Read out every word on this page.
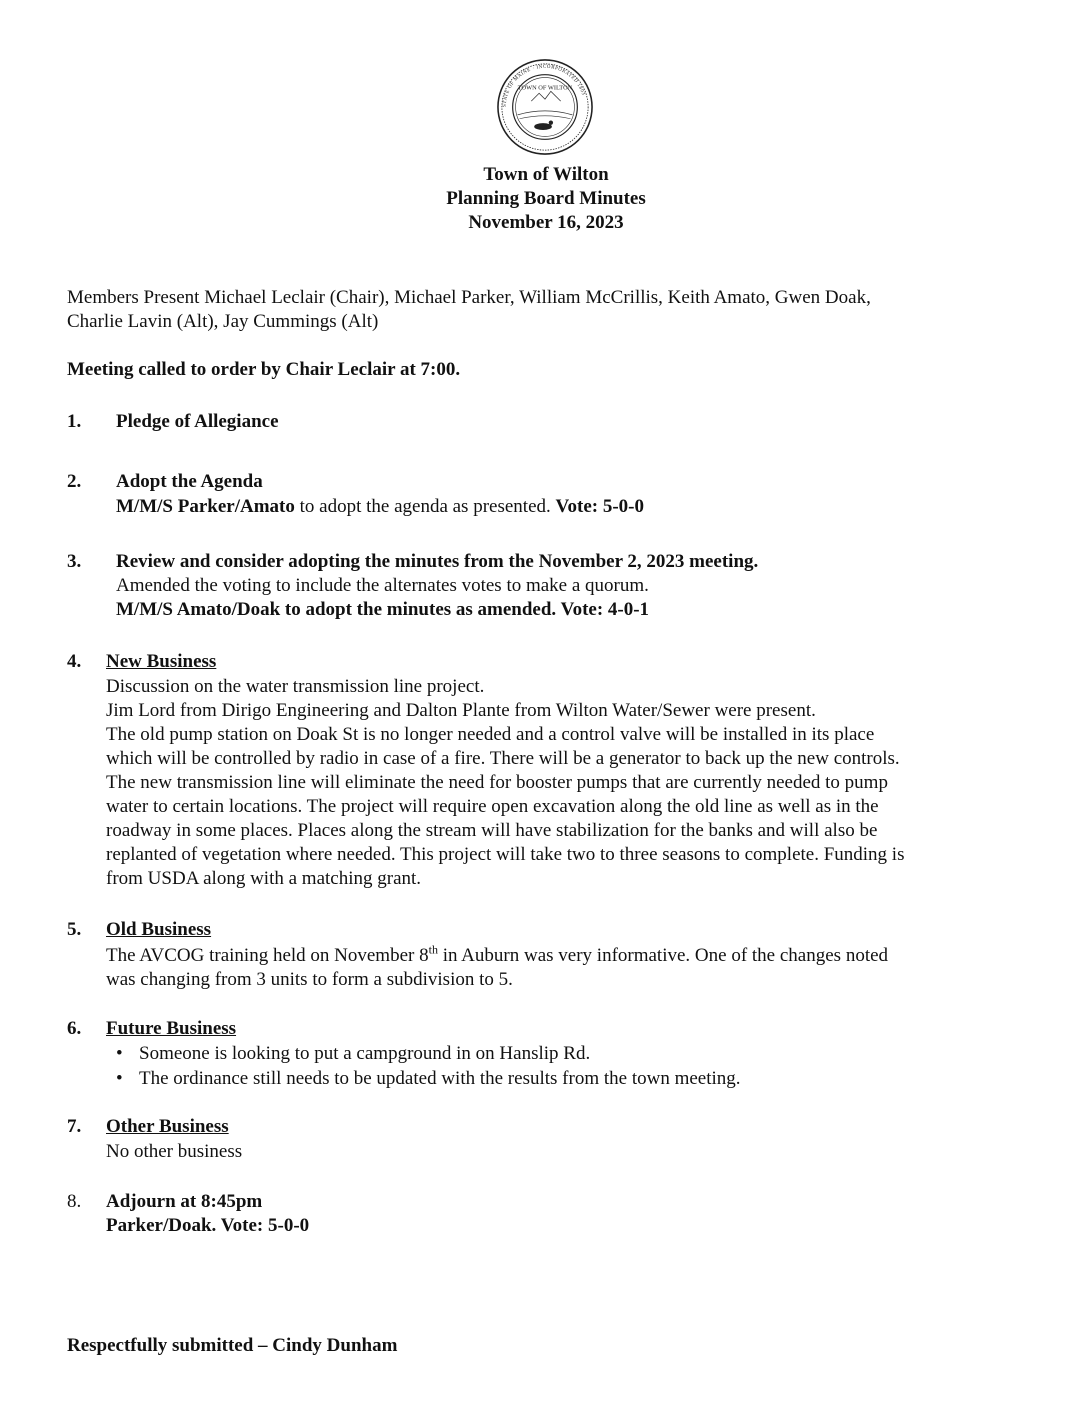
TOWN OF WILTON
STATE OF MAINE · INCORPORATED 1803
Town of Wilton
Planning Board Minutes
November 16, 2023

Members Present Michael Leclair (Chair), Michael Parker, William McCrillis, Keith Amato, Gwen Doak,

Charlie Lavin (Alt), Jay Cummings (Alt)

Meeting called to order by Chair Leclair at 7:00.
1.	Pledge of Allegiance
2.	Adopt the Agenda
M/M/S Parker/Amato to adopt the agenda as presented. Vote: 5-0-0
3.	Review and consider adopting the minutes from the November 2, 2023 meeting.
Amended the voting to include the alternates votes to make a quorum.
M/M/S Amato/Doak to adopt the minutes as amended. Vote: 4-0-1
4.	New Business

Discussion on the water transmission line project.

Jim Lord from Dirigo Engineering and Dalton Plante from Wilton Water/Sewer were present.

The old pump station on Doak St is no longer needed and a control valve will be installed in its place

which will be controlled by radio in case of a fire. There will be a generator to back up the new controls.

The new transmission line will eliminate the need for booster pumps that are currently needed to pump

water to certain locations. The project will require open excavation along the old line as well as in the

roadway in some places. Places along the stream will have stabilization for the banks and will also be

replanted of vegetation where needed. This project will take two to three seasons to complete. Funding is

from USDA along with a matching grant.

5.	Old Business
The AVCOG training held on November 8th in Auburn was very informative. One of the changes noted
was changing from 3 units to form a subdivision to 5.
6.	Future Business
• Someone is looking to put a campground in on Hanslip Rd.
• The ordinance still needs to be updated with the results from the town meeting.
7.	Other Business
No other business
8.	Adjourn at 8:45pm
Parker/Doak. Vote: 5-0-0
Respectfully submitted – Cindy Dunham
